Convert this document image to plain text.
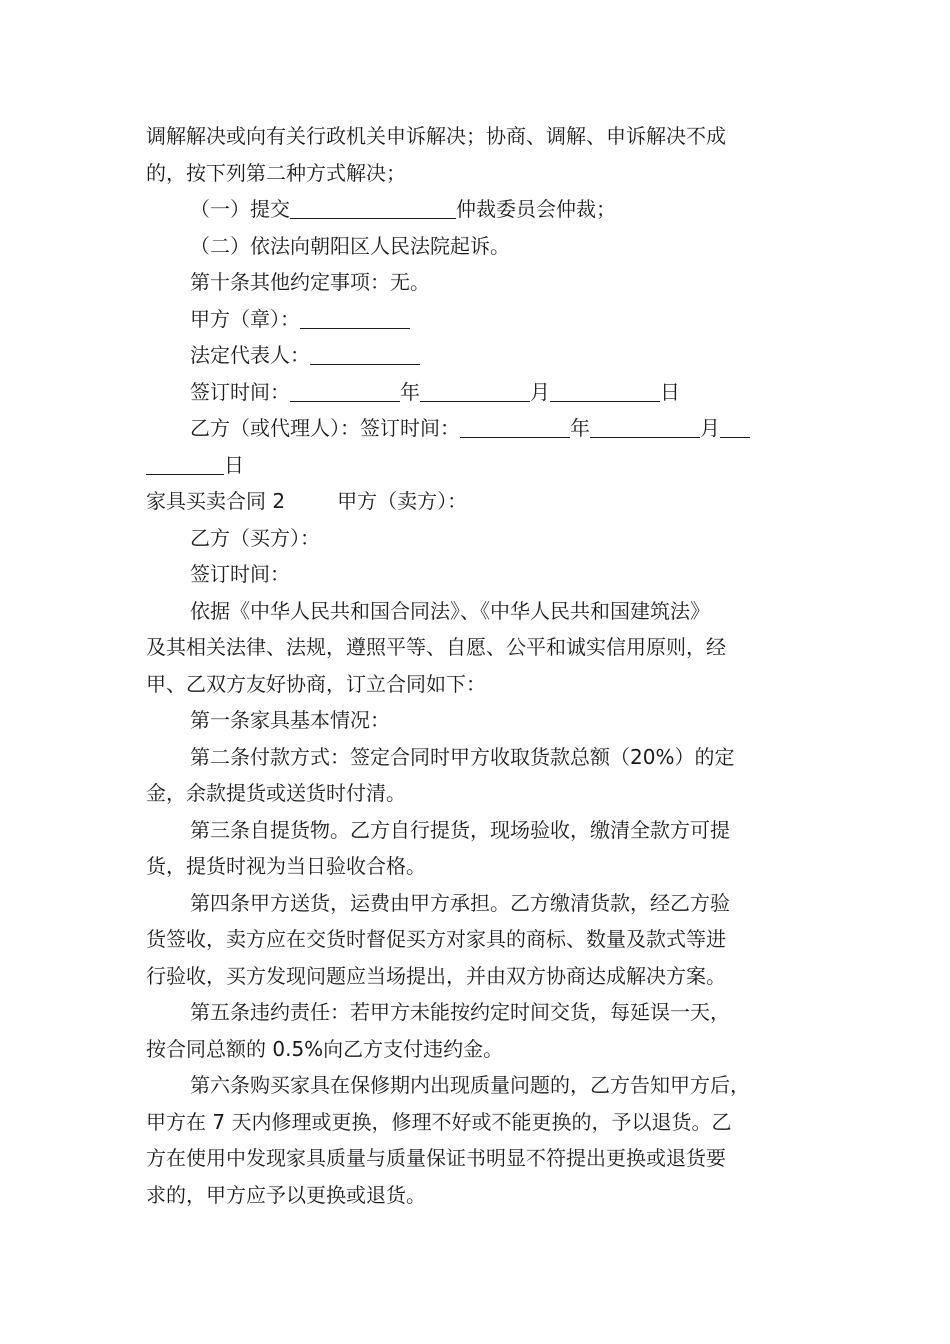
调解解决或向有关行政机关申诉解决；协商、调解、申诉解决不成
的，按下列第二种方式解决；
（一）提交	仲裁委员会仲裁；
（二）依法向朝阳区人民法院起诉。
第十条其他约定事项：无。
甲方（章）：
法定代表人：
签订时间：	年	月	日
乙方（或代理人）：签订时间：	年	月
日
家具买卖合同 2	甲方（卖方）：
乙方（买方）：
签订时间：
依据《中华人民共和国合同法》、《中华人民共和国建筑法》
及其相关法律、法规，遵照平等、自愿、公平和诚实信用原则，经
甲、乙双方友好协商，订立合同如下：
第一条家具基本情况：
第二条付款方式：签定合同时甲方收取货款总额（20%）的定
金，余款提货或送货时付清。
第三条自提货物。乙方自行提货，现场验收，缴清全款方可提
货，提货时视为当日验收合格。
第四条甲方送货，运费由甲方承担。乙方缴清货款，经乙方验
货签收，卖方应在交货时督促买方对家具的商标、数量及款式等进
行验收，买方发现问题应当场提出，并由双方协商达成解决方案。
第五条违约责任：若甲方未能按约定时间交货，每延误一天，
按合同总额的 0.5%向乙方支付违约金。
第六条购买家具在保修期内出现质量问题的，乙方告知甲方后，
甲方在 7 天内修理或更换，修理不好或不能更换的，予以退货。乙
方在使用中发现家具质量与质量保证书明显不符提出更换或退货要
求的，甲方应予以更换或退货。
